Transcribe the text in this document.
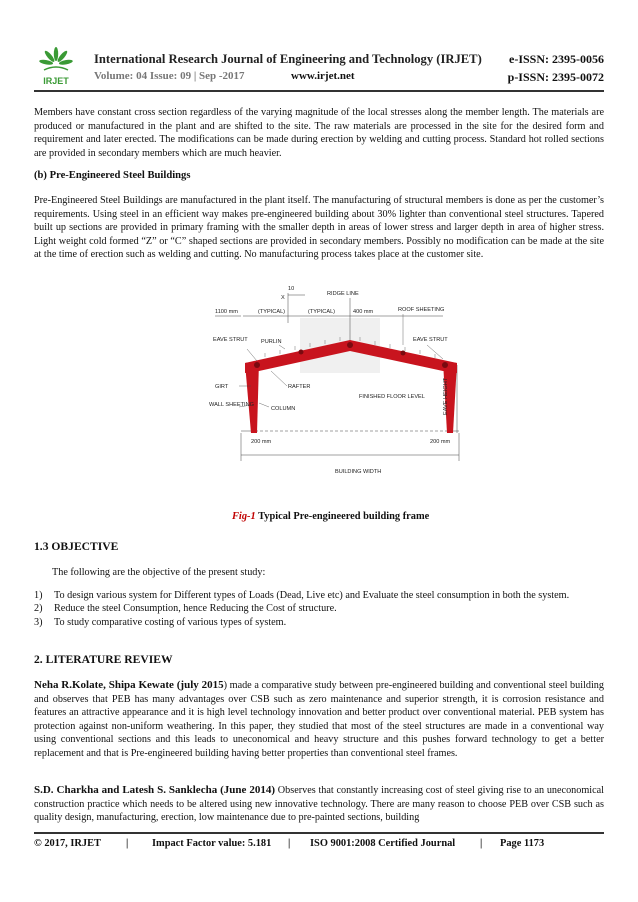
IRJET
International Research Journal of Engineering and Technology (IRJET) e-ISSN: 2395-0056
Volume: 04 Issue: 09 | Sep -2017	www.irjet.net	p-ISSN: 2395-0072

Members have constant cross section regardless of the varying magnitude of the local stresses along the member length. The materials are produced or manufactured in the plant and are shifted to the site. The raw materials are processed in the site for the desired form and requirement and later erected. The modifications can be made during erection by welding and cutting process. Standard hot rolled sections are provided in secondary members which are much heavier.

(b) Pre-Engineered Steel Buildings

Pre-Engineered Steel Buildings are manufactured in the plant itself. The manufacturing of structural members is done as per the customer’s requirements. Using steel in an efficient way makes pre-engineered building about 30% lighter than conventional steel structures. Tapered built up sections are provided in primary framing with the smaller depth in areas of lower stress and larger depth in area of higher stress. Light weight cold formed “Z” or “C” shaped sections are provided in secondary members. Possibly no modification can be made at the site at the time of erection such as welding and cutting. No manufacturing process takes place at the customer site.

10
X
RIDGE LINE
1100 mm	(TYPICAL)	(TYPICAL)	400 mm	ROOF SHEETING
EAVE STRUT PURLIN	EAVE STRUT
RAFTER
GIRT
FINISHED FLOOR LEVEL	EAVE HEIGHT
WALL SHEETING
COLUMN
200 mm	200 mm
BUILDING WIDTH
Fig-1 Typical Pre-engineered building frame
1.3 OBJECTIVE

The following are the objective of the present study:

1)	To design various system for Different types of Loads (Dead, Live etc) and Evaluate the steel consumption in both the system.
2)	Reduce the steel Consumption, hence Reducing the Cost of structure.
3)	To study comparative costing of various types of system.
2. LITERATURE REVIEW

Neha R.Kolate, Shipa Kewate (july 2015) made a comparative study between pre-engineered building and conventional steel building and observes that PEB has many advantages over CSB such as zero maintenance and superior strength, it is corrosion resistance and features an attractive appearance and it is high level technology innovation and better product over conventional material. PEB system has protection against non-uniform weathering. In this paper, they studied that most of the steel structures are made in a conventional way using conventional sections and this leads to uneconomical and heavy structure and this pushes forward technology to get a better replacement and that is Pre-engineered building having better properties than conventional steel frames.

S.D. Charkha and Latesh S. Sanklecha (June 2014) Observes that constantly increasing cost of steel giving rise to an uneconomical construction practice which needs to be altered using new innovative technology. There are many reason to choose PEB over CSB such as quality design, manufacturing, erection, low maintenance due to pre-painted sections, building

© 2017, IRJET | Impact Factor value: 5.181 | ISO 9001:2008 Certified Journal | Page 1173
